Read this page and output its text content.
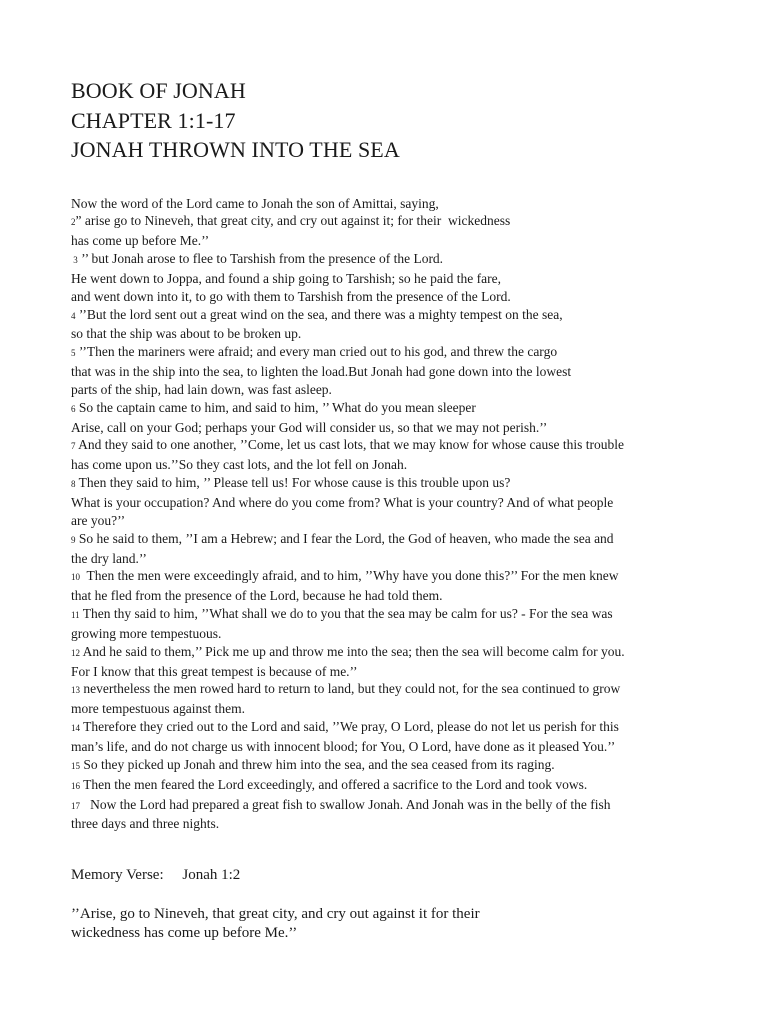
BOOK OF JONAH
CHAPTER 1:1-17
JONAH THROWN INTO THE SEA
Now the word of the Lord came to Jonah the son of Amittai, saying,
2” arise go to Nineveh, that great city, and cry out against it; for their  wickedness
has come up before Me.’’
3 ’’ but Jonah arose to flee to Tarshish from the presence of the Lord.
He went down to Joppa, and found a ship going to Tarshish; so he paid the fare,
and went down into it, to go with them to Tarshish from the presence of the Lord.
4 ’’But the lord sent out a great wind on the sea, and there was a mighty tempest on the sea,
so that the ship was about to be broken up.
5 ’’Then the mariners were afraid; and every man cried out to his god, and threw the cargo
that was in the ship into the sea, to lighten the load.But Jonah had gone down into the lowest
parts of the ship, had lain down, was fast asleep.
6 So the captain came to him, and said to him, ’’ What do you mean sleeper
Arise, call on your God; perhaps your God will consider us, so that we may not perish.’’
7 And they said to one another, ’’Come, let us cast lots, that we may know for whose cause this trouble
has come upon us.’’So they cast lots, and the lot fell on Jonah.
8 Then they said to him, ’’ Please tell us! For whose cause is this trouble upon us?
What is your occupation? And where do you come from? What is your country? And of what people
are you?’’
9 So he said to them, ’’I am a Hebrew; and I fear the Lord, the God of heaven, who made the sea and
the dry land.’’
10  Then the men were exceedingly afraid, and to him, ’’Why have you done this?’’ For the men knew
that he fled from the presence of the Lord, because he had told them.
11 Then thy said to him, ’’What shall we do to you that the sea may be calm for us? - For the sea was
growing more tempestuous.
12 And he said to them,’’ Pick me up and throw me into the sea; then the sea will become calm for you.
For I know that this great tempest is because of me.’’
13 nevertheless the men rowed hard to return to land, but they could not, for the sea continued to grow
more tempestuous against them.
14 Therefore they cried out to the Lord and said, ’’We pray, O Lord, please do not let us perish for this
man’s life, and do not charge us with innocent blood; for You, O Lord, have done as it pleased You.’’
15 So they picked up Jonah and threw him into the sea, and the sea ceased from its raging.
16 Then the men feared the Lord exceedingly, and offered a sacrifice to the Lord and took vows.
17   Now the Lord had prepared a great fish to swallow Jonah. And Jonah was in the belly of the fish
three days and three nights.
Memory Verse: Jonah 1:2
’’Arise, go to Nineveh, that great city, and cry out against it for their
wickedness has come up before Me.’’
